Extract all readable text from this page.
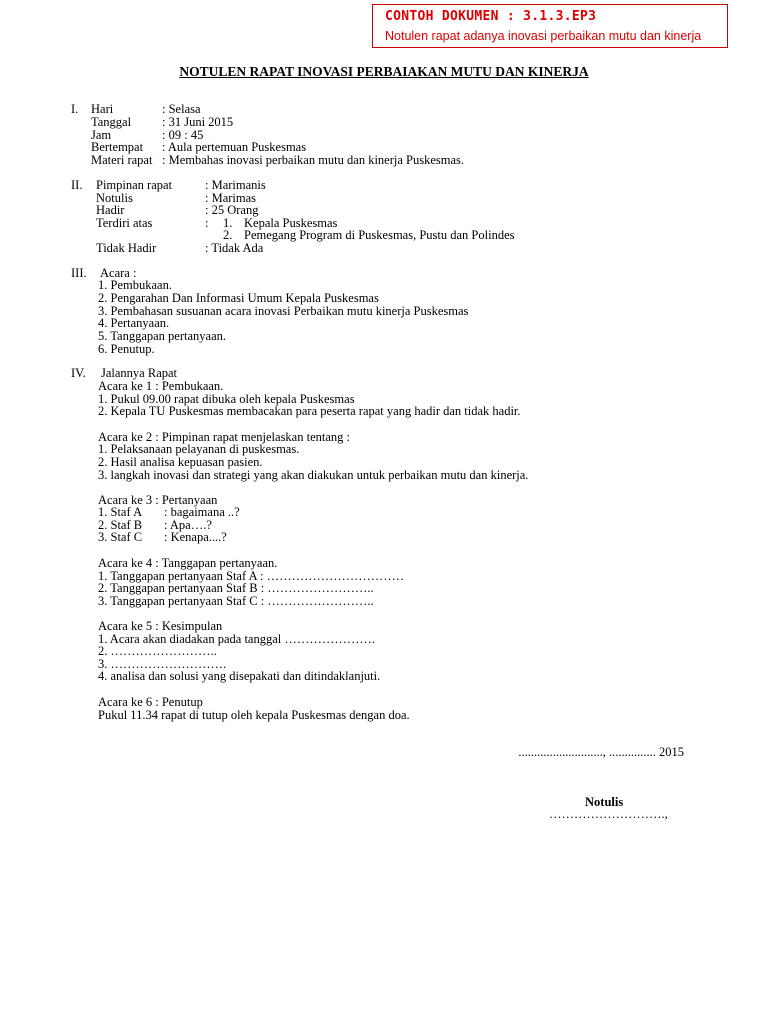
CONTOH DOKUMEN : 3.1.3.EP3
Notulen rapat adanya inovasi perbaikan mutu dan kinerja
NOTULEN RAPAT INOVASI PERBAIAKAN MUTU DAN KINERJA
I. Hari	: Selasa
Tanggal : 31 Juni 2015
Jam	: 09 : 45
Bertempat : Aula pertemuan Puskesmas
Materi rapat : Membahas inovasi perbaikan mutu dan kinerja Puskesmas.
II. Pimpinan rapat	: Marimanis
Notulis	: Marimas
Hadir	: 25 Orang
Terdiri atas	: 1. Kepala Puskesmas
2. Pemegang Program di Puskesmas, Pustu dan Polindes
Tidak Hadir	: Tidak Ada
III. Acara :
1. Pembukaan.
2. Pengarahan Dan Informasi Umum Kepala Puskesmas
3. Pembahasan susuanan acara inovasi Perbaikan mutu kinerja Puskesmas
4. Pertanyaan.
5. Tanggapan pertanyaan.
6. Penutup.
IV. Jalannya Rapat
Acara ke 1 : Pembukaan.
1. Pukul 09.00 rapat dibuka oleh kepala Puskesmas
2. Kepala TU Puskesmas membacakan para peserta rapat yang hadir dan tidak hadir.
Acara ke 2 : Pimpinan rapat menjelaskan tentang :
1. Pelaksanaan pelayanan di puskesmas.
2. Hasil analisa kepuasan pasien.
3. langkah inovasi dan strategi yang akan diakukan untuk perbaikan mutu dan kinerja.
Acara ke 3 : Pertanyaan
1. Staf A : bagaimana ..?
2. Staf B : Apa….?
3. Staf C : Kenapa....?
Acara ke 4 : Tanggapan pertanyaan.
1. Tanggapan pertanyaan Staf A : ……………………………
2. Tanggapan pertanyaan Staf B : ……………………..
3. Tanggapan pertanyaan Staf C : ……………………..
Acara ke 5 : Kesimpulan
1. Acara akan diadakan pada tanggal ………………….
2. ……………………..
3. ……………………….
4. analisa dan solusi yang disepakati dan ditindaklanjuti.
Acara ke 6 : Penutup
Pukul 11.34 rapat di tutup oleh kepala Puskesmas dengan doa.
..........................., ............... 2015
Notulis
……………………….,
